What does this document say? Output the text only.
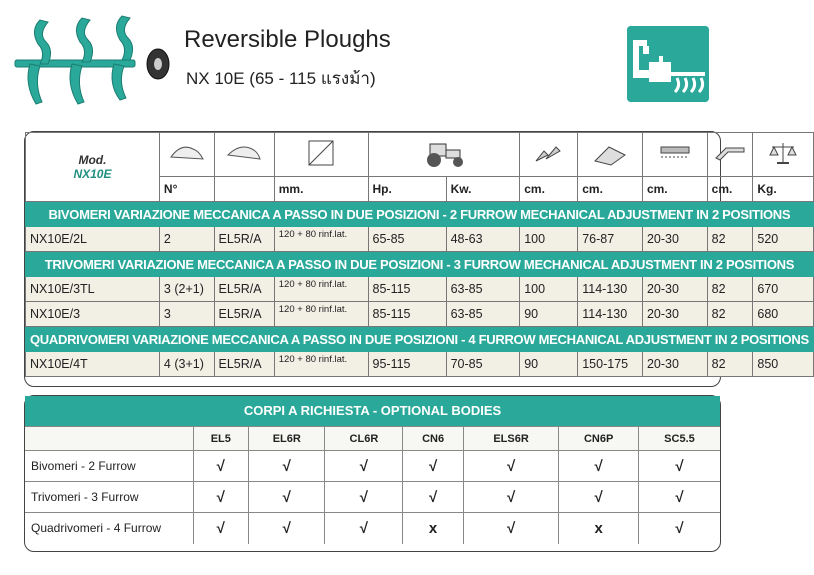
Reversible Ploughs
NX 10E (65 - 115 แรงม้า)
Mod.
NX10E

	N°		mm.	Hp.	Kw.	cm.	cm.	cm.	cm.	Kg.
BIVOMERI VARIAZIONE MECCANICA A PASSO IN DUE POSIZIONI - 2 FURROW MECHANICAL ADJUSTMENT IN 2 POSITIONS										
NX10E/2L	2	EL5R/A	120 + 80 rinf.lat.	65-85	48-63	100	76-87	20-30	82	520
TRIVOMERI VARIAZIONE MECCANICA A PASSO IN DUE POSIZIONI - 3 FURROW MECHANICAL ADJUSTMENT IN 2 POSITIONS										
NX10E/3TL	3 (2+1)	EL5R/A	120 + 80 rinf.lat.	85-115	63-85	100	114-130	20-30	82	670
NX10E/3	3	EL5R/A	120 + 80 rinf.lat.	85-115	63-85	90	114-130	20-30	82	680
QUADRIVOMERI VARIAZIONE MECCANICA A PASSO IN DUE POSIZIONI - 4 FURROW MECHANICAL ADJUSTMENT IN 2 POSITIONS										
NX10E/4T	4 (3+1)	EL5R/A	120 + 80 rinf.lat.	95-115	70-85	90	150-175	20-30	82	850
CORPI A RICHIESTA - OPTIONAL BODIES
	EL5	EL6R	CL6R	CN6	ELS6R	CN6P	SC5.5
Bivomeri - 2 Furrow	√	√	√	√	√	√	√
Trivomeri - 3 Furrow	√	√	√	√	√	√	√
Quadrivomeri - 4 Furrow	√	√	√	x	√	x	√
